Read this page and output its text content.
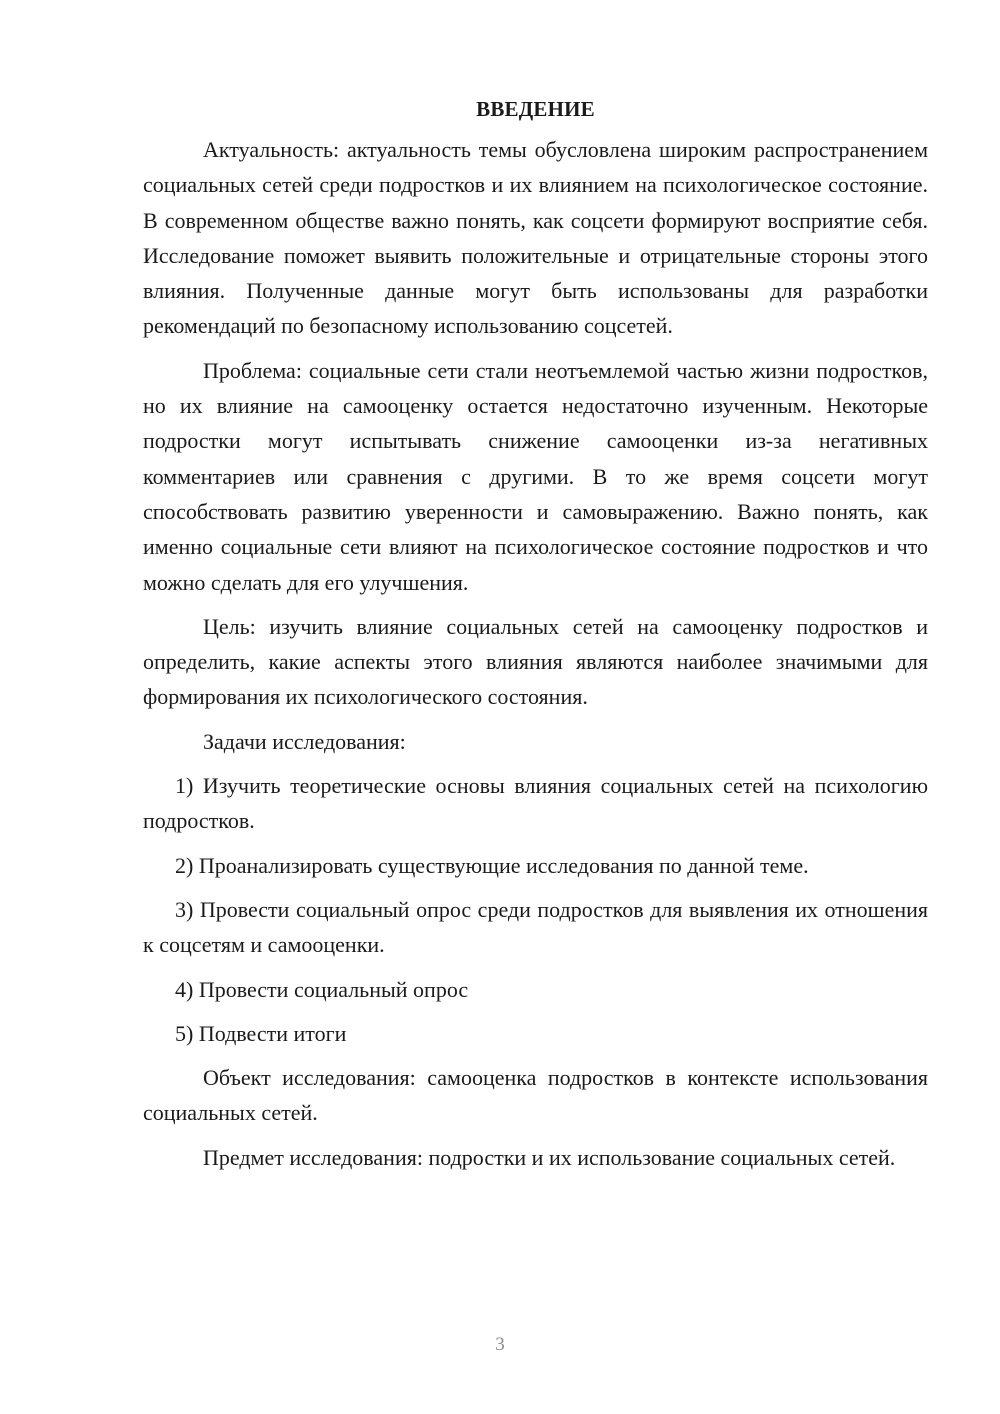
ВВЕДЕНИЕ

Актуальность: актуальность темы обусловлена широким распространением социальных сетей среди подростков и их влиянием на психологическое состояние. В современном обществе важно понять, как соцсети формируют восприятие себя. Исследование поможет выявить положительные и отрицательные стороны этого влияния. Полученные данные могут быть использованы для разработки рекомендаций по безопасному использованию соцсетей.

Проблема: социальные сети стали неотъемлемой частью жизни подростков, но их влияние на самооценку остается недостаточно изученным. Некоторые подростки могут испытывать снижение самооценки из-за негативных комментариев или сравнения с другими. В то же время соцсети могут способствовать развитию уверенности и самовыражению. Важно понять, как именно социальные сети влияют на психологическое состояние подростков и что можно сделать для его улучшения.

Цель: изучить влияние социальных сетей на самооценку подростков и определить, какие аспекты этого влияния являются наиболее значимыми для формирования их психологического состояния.

Задачи исследования:

1) Изучить теоретические основы влияния социальных сетей на психологию подростков.

2) Проанализировать существующие исследования по данной теме.

3) Провести социальный опрос среди подростков для выявления их отношения к соцсетям и самооценки.

4) Провести социальный опрос

5) Подвести итоги

Объект исследования: самооценка подростков в контексте использования социальных сетей.

Предмет исследования: подростки и их использование социальных сетей.

3
